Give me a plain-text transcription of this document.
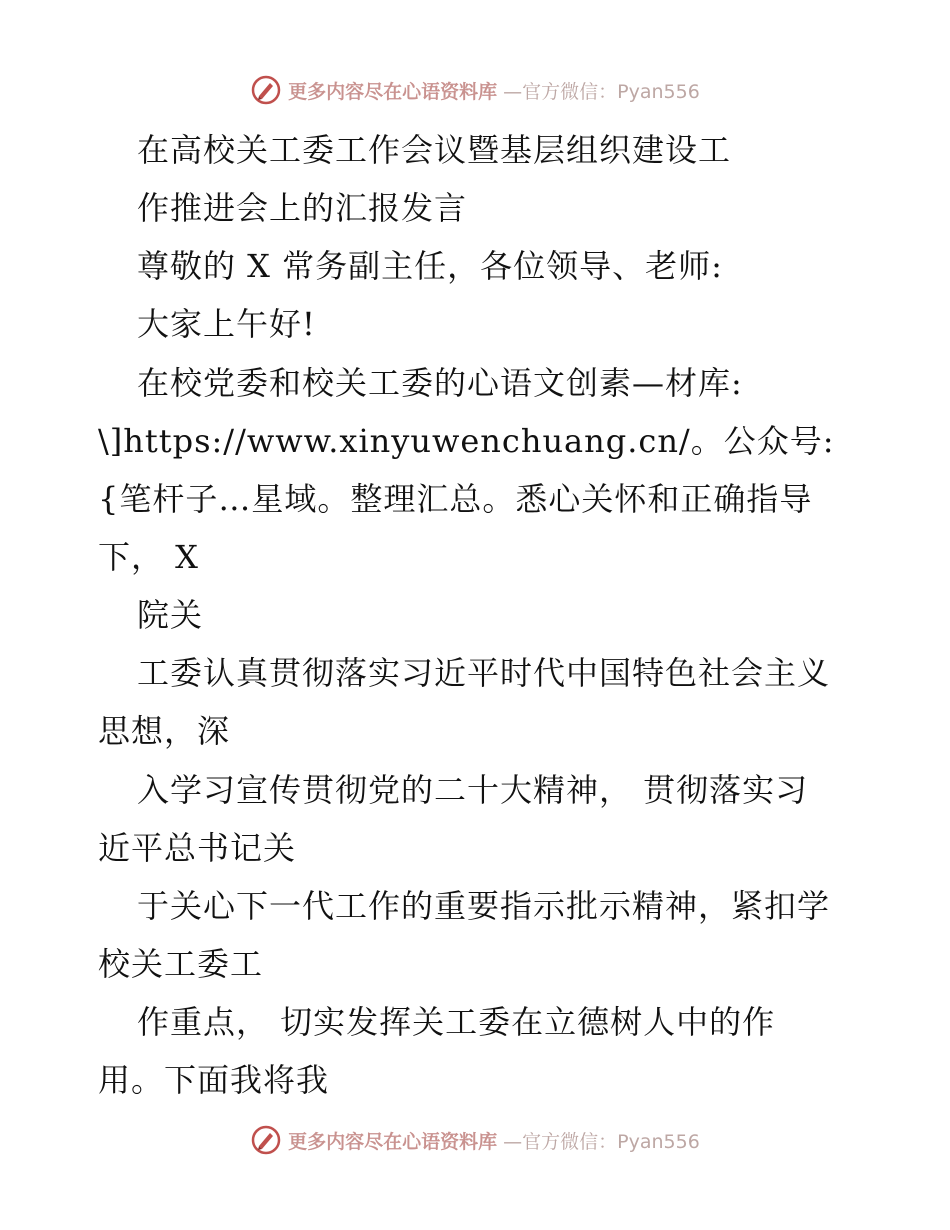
更多内容尽在心语资料库 —官方微信：Pyan556
在高校关工委工作会议暨基层组织建设工
作推进会上的汇报发言
尊敬的 X 常务副主任，各位领导、老师:
大家上午好!
在校党委和校关工委的心语文创素—材库:
\]https://www.xinyuwenchuang.cn/。公众号:
{笔杆子…星域。整理汇总。悉心关怀和正确指导
下， X
院关
工委认真贯彻落实习近平时代中国特色社会主义
思想，深
入学习宣传贯彻党的二十大精神， 贯彻落实习
近平总书记关
于关心下一代工作的重要指示批示精神，紧扣学
校关工委工
作重点， 切实发挥关工委在立德树人中的作
用。下面我将我
更多内容尽在心语资料库 —官方微信：Pyan556
